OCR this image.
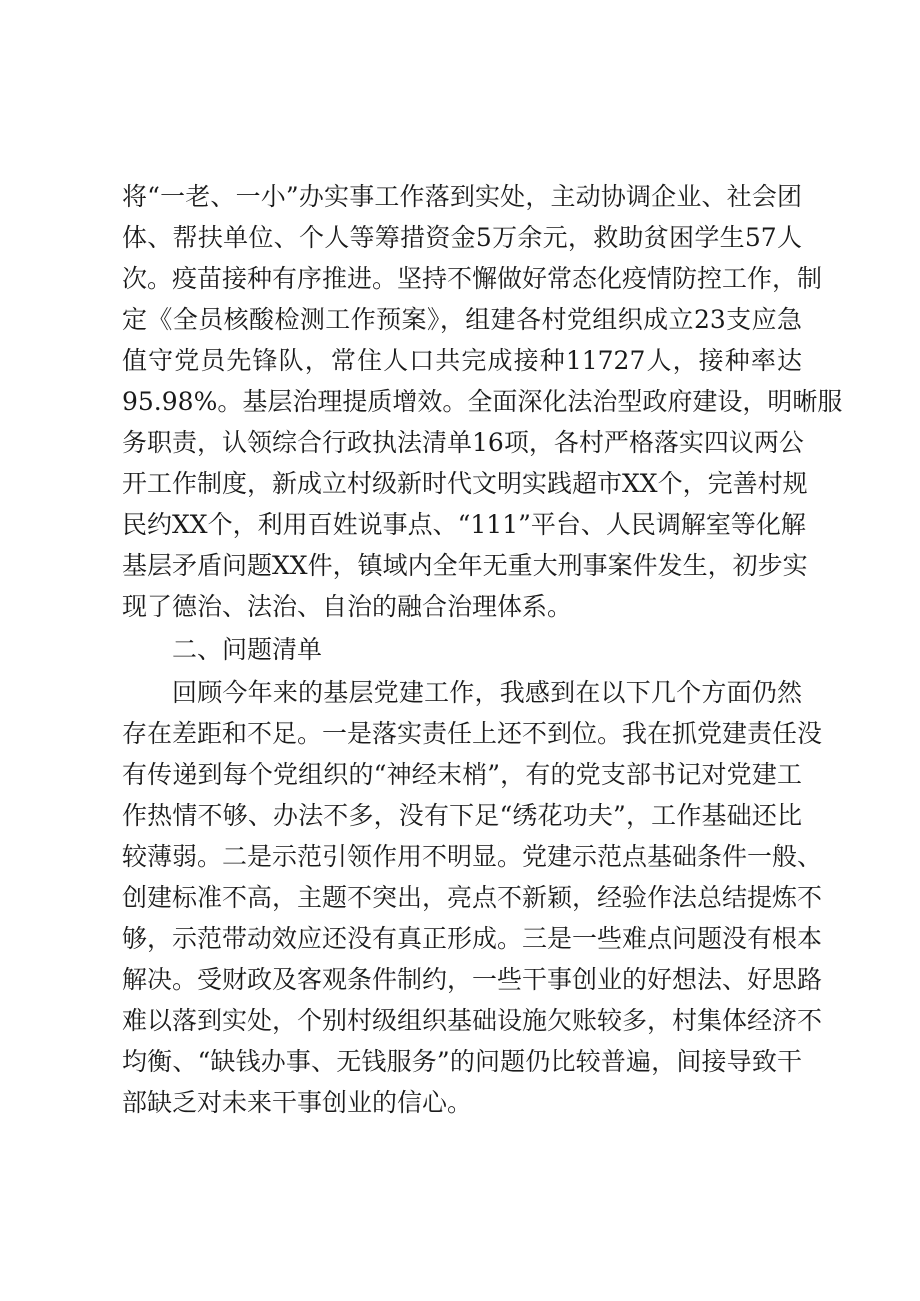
将“一老、一小”办实事工作落到实处，主动协调企业、社会团
体、帮扶单位、个人等筹措资金5万余元，救助贫困学生57人
次。疫苗接种有序推进。坚持不懈做好常态化疫情防控工作，制
定《全员核酸检测工作预案》，组建各村党组织成立23支应急
值守党员先锋队，常住人口共完成接种11727人，接种率达
95.98%。基层治理提质增效。全面深化法治型政府建设，明晰服
务职责，认领综合行政执法清单16项，各村严格落实四议两公
开工作制度，新成立村级新时代文明实践超市XX个，完善村规
民约XX个，利用百姓说事点、“111”平台、人民调解室等化解
基层矛盾问题XX件，镇域内全年无重大刑事案件发生，初步实
现了德治、法治、自治的融合治理体系。
二、问题清单
回顾今年来的基层党建工作，我感到在以下几个方面仍然
存在差距和不足。一是落实责任上还不到位。我在抓党建责任没
有传递到每个党组织的“神经末梢”，有的党支部书记对党建工
作热情不够、办法不多，没有下足“绣花功夫”，工作基础还比
较薄弱。二是示范引领作用不明显。党建示范点基础条件一般、
创建标准不高，主题不突出，亮点不新颖，经验作法总结提炼不
够，示范带动效应还没有真正形成。三是一些难点问题没有根本
解决。受财政及客观条件制约，一些干事创业的好想法、好思路
难以落到实处，个别村级组织基础设施欠账较多，村集体经济不
均衡、“缺钱办事、无钱服务”的问题仍比较普遍，间接导致干
部缺乏对未来干事创业的信心。
